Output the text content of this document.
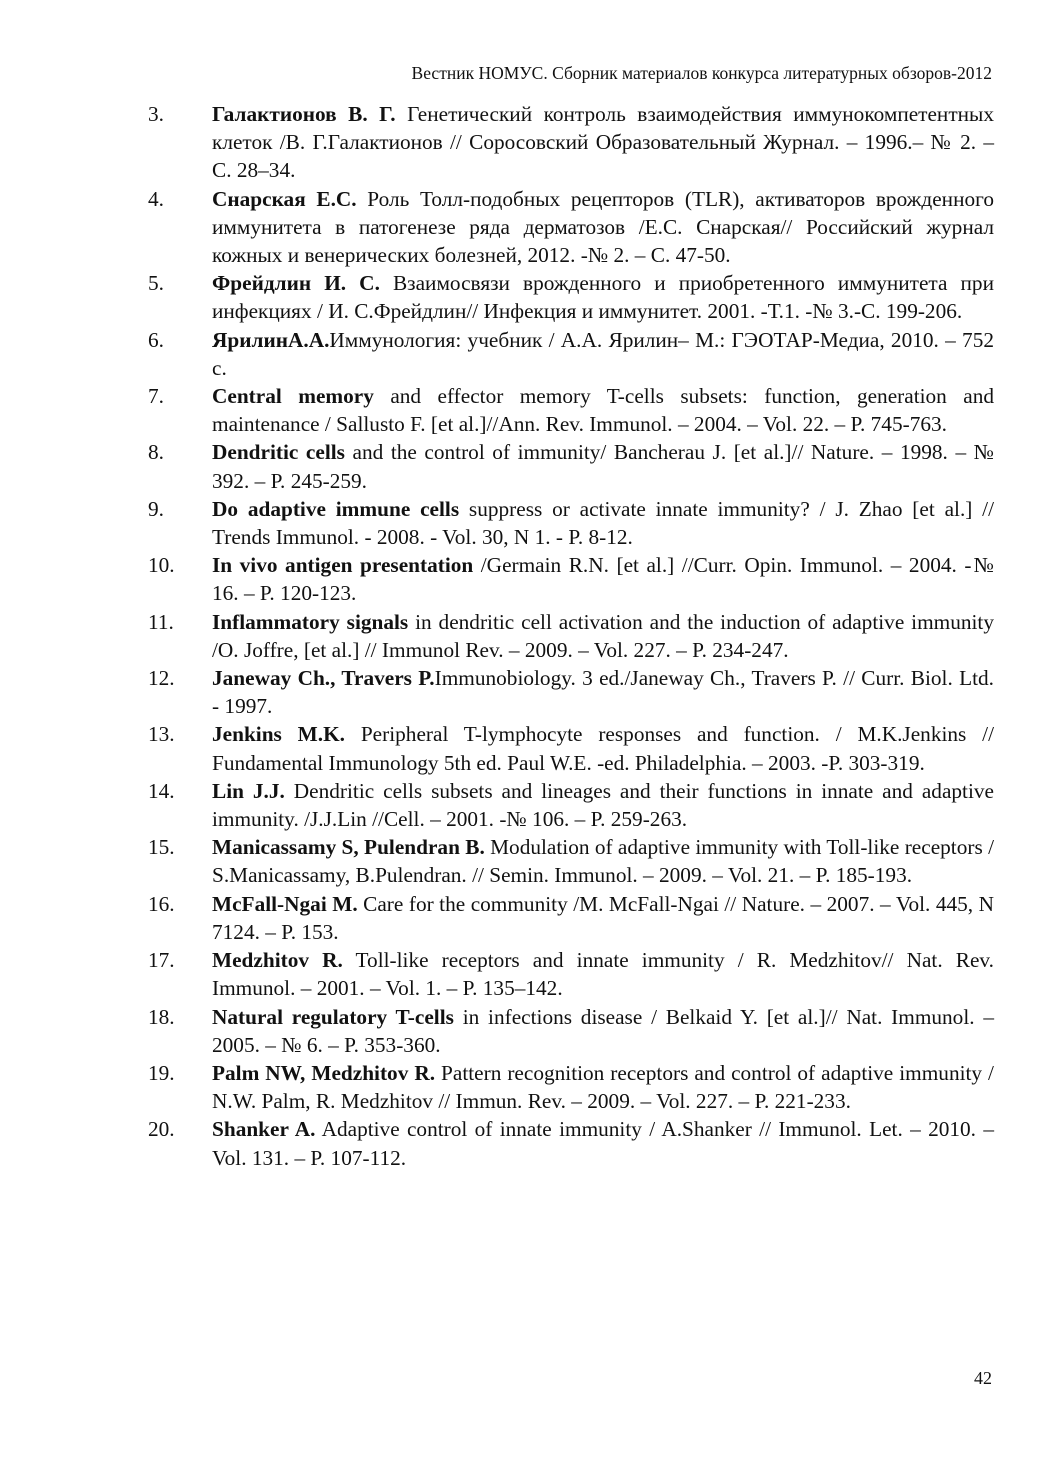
Вестник НОМУС. Сборник материалов конкурса литературных обзоров-2012
3. Галактионов В. Г. Генетический контроль взаимодействия иммунокомпетентных клеток /В. Г.Галактионов // Соросовский Образовательный Журнал. – 1996.– № 2. – С. 28–34.
4. Снарская Е.С. Роль Толл-подобных рецепторов (TLR), активаторов врожденного иммунитета в патогенезе ряда дерматозов /Е.С. Снарская// Российский журнал кожных и венерических болезней, 2012. -№ 2. – С. 47-50.
5. Фрейдлин И. С. Взаимосвязи врожденного и приобретенного иммунитета при инфекциях / И. С.Фрейдлин// Инфекция и иммунитет. 2001. -Т.1. -№ 3.-С. 199-206.
6. ЯрилинА.А.Иммунология: учебник / А.А. Ярилин– М.: ГЭОТАР-Медиа, 2010. – 752 с.
7. Central memory and effector memory T-cells subsets: function, generation and maintenance / Sallusto F. [et al.]//Ann. Rev. Immunol. – 2004. – Vol. 22. – P. 745-763.
8. Dendritic cells and the control of immunity/ Bancherau J. [et al.]// Nature. – 1998. – № 392. – P. 245-259.
9. Do adaptive immune cells suppress or activate innate immunity? / J. Zhao [et al.] // Trends Immunol. - 2008. - Vol. 30, N 1. - P. 8-12.
10. In vivo antigen presentation /Germain R.N. [et al.] //Curr. Opin. Immunol. – 2004. -№ 16. – P. 120-123.
11. Inflammatory signals in dendritic cell activation and the induction of adaptive immunity /O. Joffre, [et al.] // Immunol Rev. – 2009. – Vol. 227. – P. 234-247.
12. Janeway Ch., Travers P.Immunobiology. 3 ed./Janeway Ch., Travers P. // Curr. Biol. Ltd. - 1997.
13. Jenkins M.K. Peripheral T-lymphocyte responses and function. / M.K.Jenkins // Fundamental Immunology 5th ed. Paul W.E. -ed. Philadelphia. – 2003. -P. 303-319.
14. Lin J.J. Dendritic cells subsets and lineages and their functions in innate and adaptive immunity. /J.J.Lin //Cell. – 2001. -№ 106. – P. 259-263.
15. Manicassamy S, Pulendran B. Modulation of adaptive immunity with Toll-like receptors / S.Manicassamy, B.Pulendran. // Semin. Immunol. – 2009. – Vol. 21. – P. 185-193.
16. McFall-Ngai M. Care for the community /M. McFall-Ngai // Nature. – 2007. – Vol. 445, N 7124. – P. 153.
17. Medzhitov R. Toll-like receptors and innate immunity / R. Medzhitov// Nat. Rev. Immunol. – 2001. – Vol. 1. – P. 135–142.
18. Natural regulatory T-cells in infections disease / Belkaid Y. [et al.]// Nat. Immunol. – 2005. – № 6. – P. 353-360.
19. Palm NW, Medzhitov R. Pattern recognition receptors and control of adaptive immunity / N.W. Palm, R. Medzhitov // Immun. Rev. – 2009. – Vol. 227. – P. 221-233.
20. Shanker A. Adaptive control of innate immunity / A.Shanker // Immunol. Let. – 2010. – Vol. 131. – P. 107-112.
42
